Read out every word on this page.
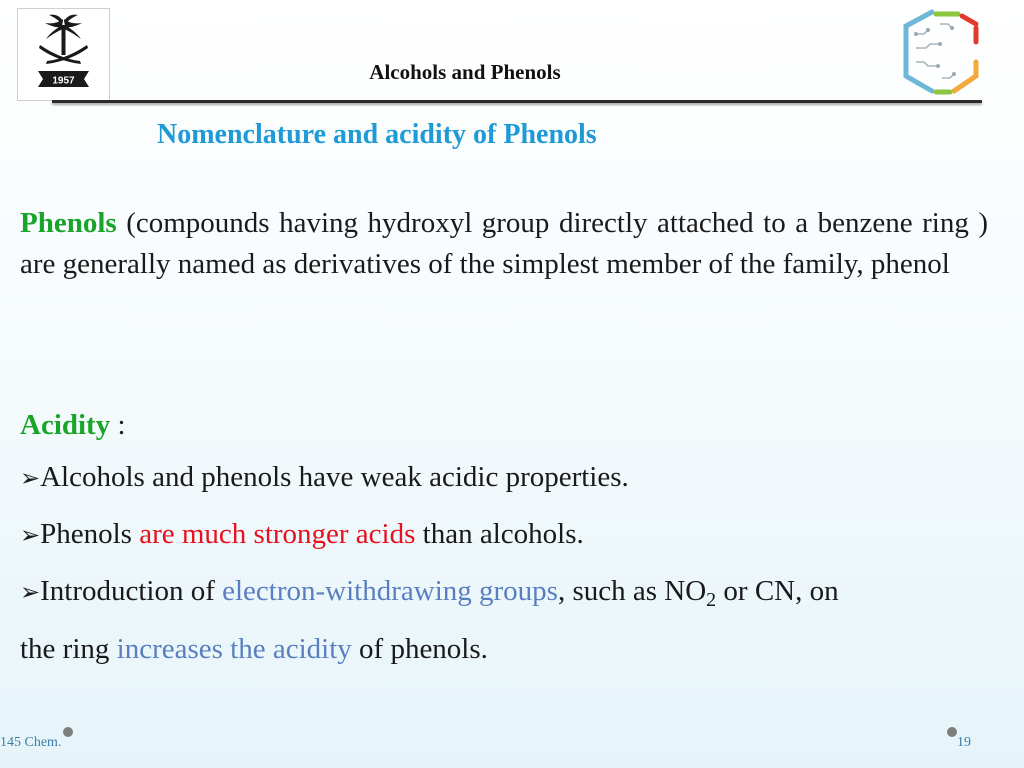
1957	Alcohols and Phenols
Nomenclature and acidity of Phenols
Phenols (compounds having hydroxyl group directly attached to a benzene ring ) are generally named as derivatives of the simplest member of the family, phenol
Acidity :
➢Alcohols and phenols have weak acidic properties.
➢Phenols are much stronger acids than alcohols.
➢Introduction of electron-withdrawing groups, such as $NO_2$ or CN, on
the ring increases the acidity of phenols.
145 Chem.	19
